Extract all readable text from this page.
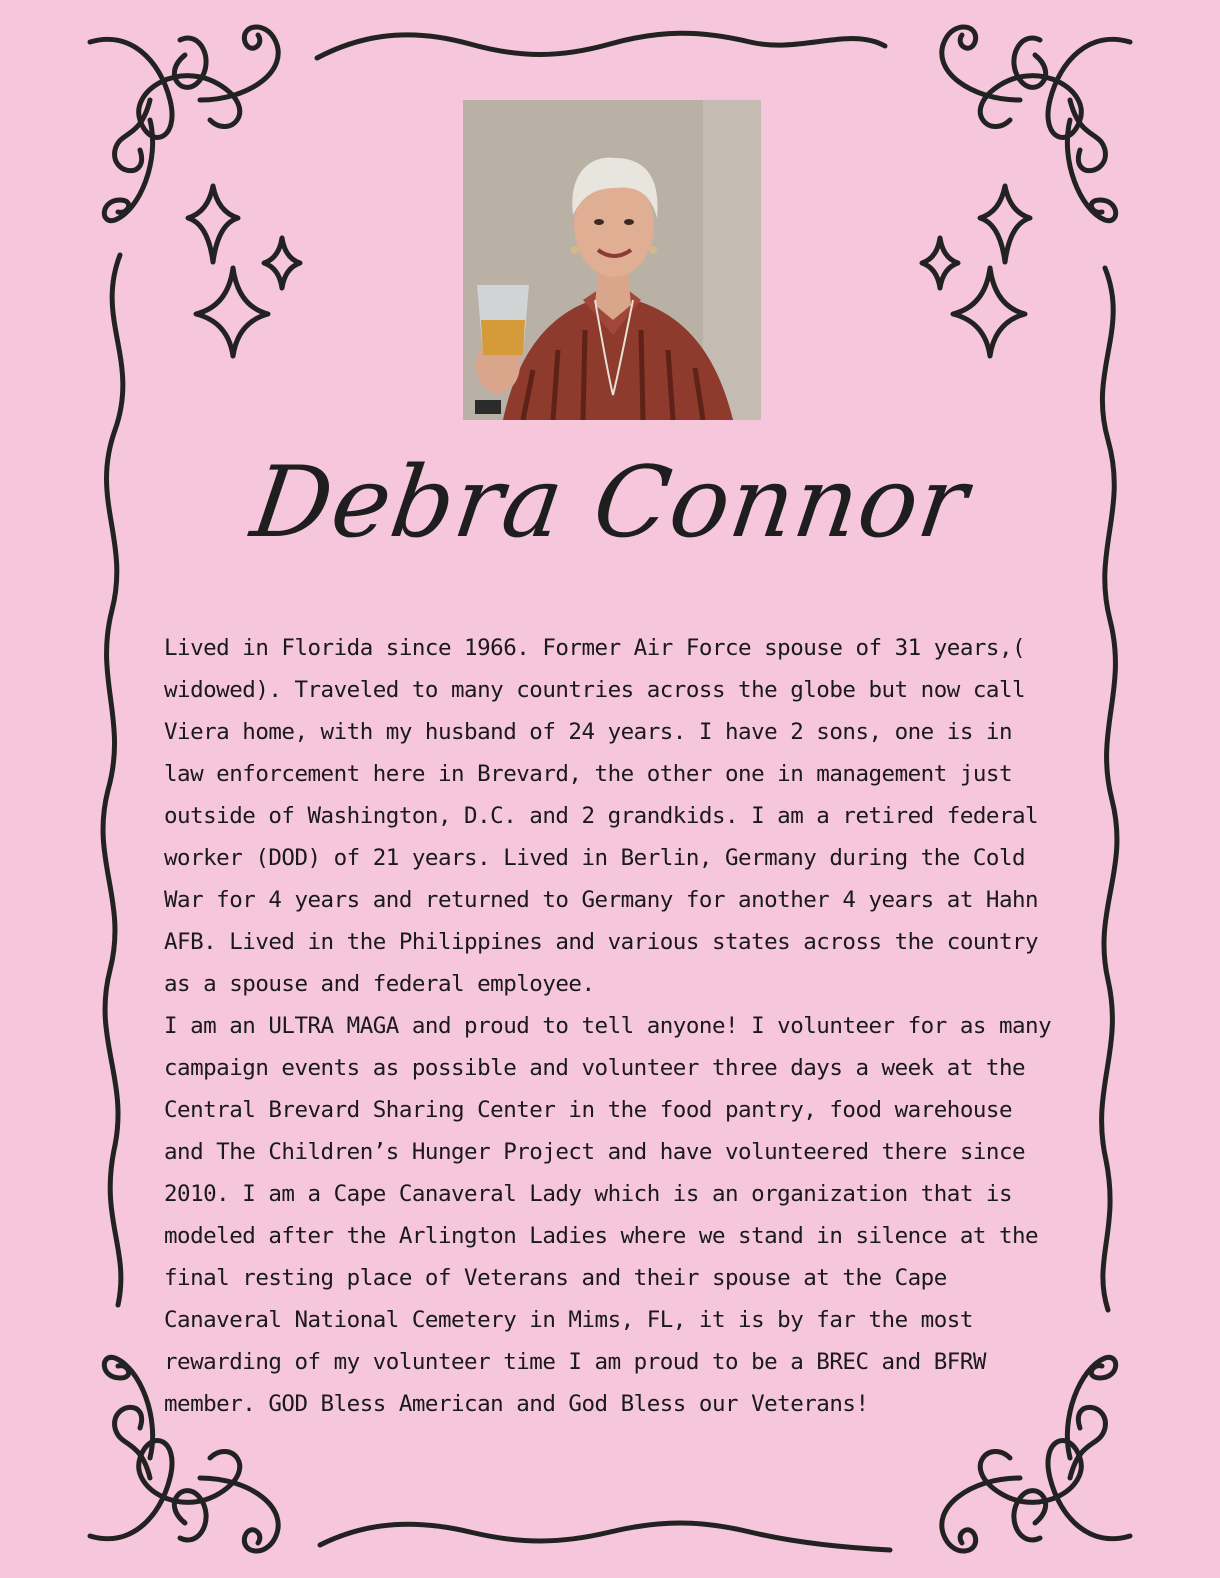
Debra Connor

Lived in Florida since 1966. Former Air Force spouse of 31 years,(
widowed). Traveled to many countries across the globe but now call
Viera home, with my husband of 24 years. I have 2 sons, one is in
law enforcement here in Brevard, the other one in management just
outside of Washington, D.C. and 2 grandkids. I am a retired federal
worker (DOD) of 21 years. Lived in Berlin, Germany during the Cold
War for 4 years and returned to Germany for another 4 years at Hahn
AFB. Lived in the Philippines and various states across the country
as a spouse and federal employee.

I am an ULTRA MAGA and proud to tell anyone! I volunteer for as many
campaign events as possible and volunteer three days a week at the
Central Brevard Sharing Center in the food pantry, food warehouse
and The Children’s Hunger Project and have volunteered there since
2010. I am a Cape Canaveral Lady which is an organization that is
modeled after the Arlington Ladies where we stand in silence at the
final resting place of Veterans and their spouse at the Cape
Canaveral National Cemetery in Mims, FL, it is by far the most
rewarding of my volunteer time I am proud to be a BREC and BFRW
member. GOD Bless American and God Bless our Veterans!
